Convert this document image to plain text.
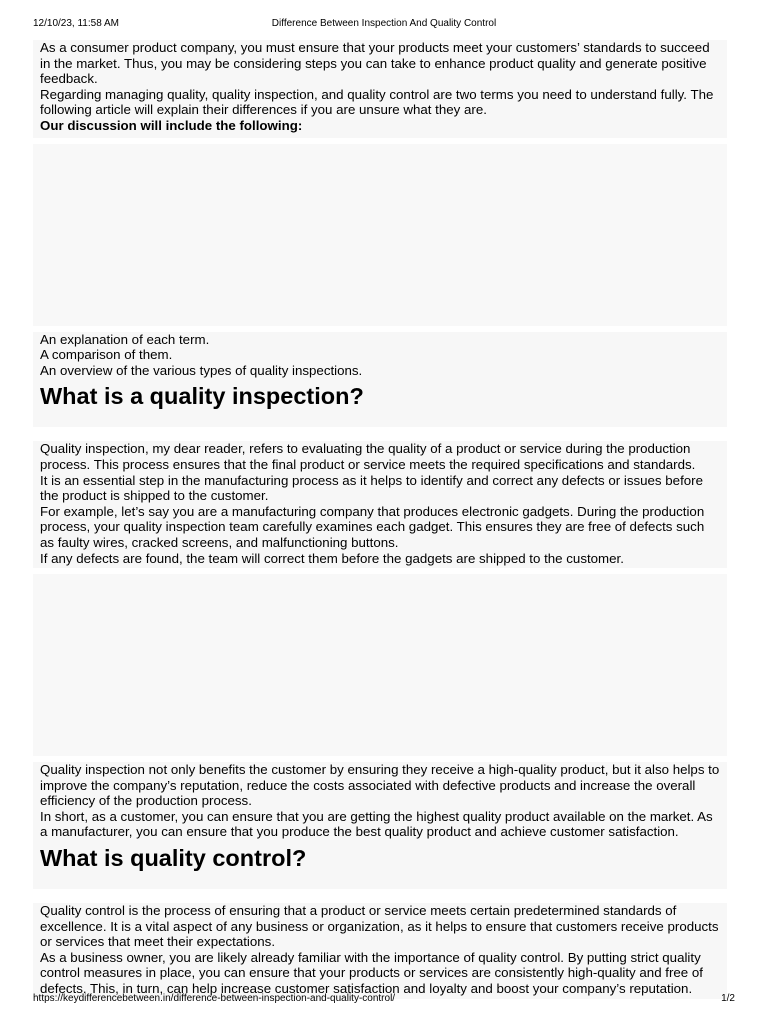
12/10/23, 11:58 AM	Difference Between Inspection And Quality Control

As a consumer product company, you must ensure that your products meet your customers’ standards to succeed in the market. Thus, you may be considering steps you can take to enhance product quality and generate positive feedback.

Regarding managing quality, quality inspection, and quality control are two terms you need to understand fully. The following article will explain their differences if you are unsure what they are.

Our discussion will include the following:

An explanation of each term.

A comparison of them.

An overview of the various types of quality inspections.

What is a quality inspection?

Quality inspection, my dear reader, refers to evaluating the quality of a product or service during the production process. This process ensures that the final product or service meets the required specifications and standards.

It is an essential step in the manufacturing process as it helps to identify and correct any defects or issues before the product is shipped to the customer.

For example, let’s say you are a manufacturing company that produces electronic gadgets. During the production process, your quality inspection team carefully examines each gadget. This ensures they are free of defects such as faulty wires, cracked screens, and malfunctioning buttons.

If any defects are found, the team will correct them before the gadgets are shipped to the customer.

Quality inspection not only benefits the customer by ensuring they receive a high-quality product, but it also helps to improve the company’s reputation, reduce the costs associated with defective products and increase the overall efficiency of the production process.

In short, as a customer, you can ensure that you are getting the highest quality product available on the market. As a manufacturer, you can ensure that you produce the best quality product and achieve customer satisfaction.

What is quality control?

Quality control is the process of ensuring that a product or service meets certain predetermined standards of excellence. It is a vital aspect of any business or organization, as it helps to ensure that customers receive products or services that meet their expectations.

As a business owner, you are likely already familiar with the importance of quality control. By putting strict quality control measures in place, you can ensure that your products or services are consistently high-quality and free of defects. This, in turn, can help increase customer satisfaction and loyalty and boost your company’s reputation.

https://keydifferencebetween.in/difference-between-inspection-and-quality-control/	1/2
